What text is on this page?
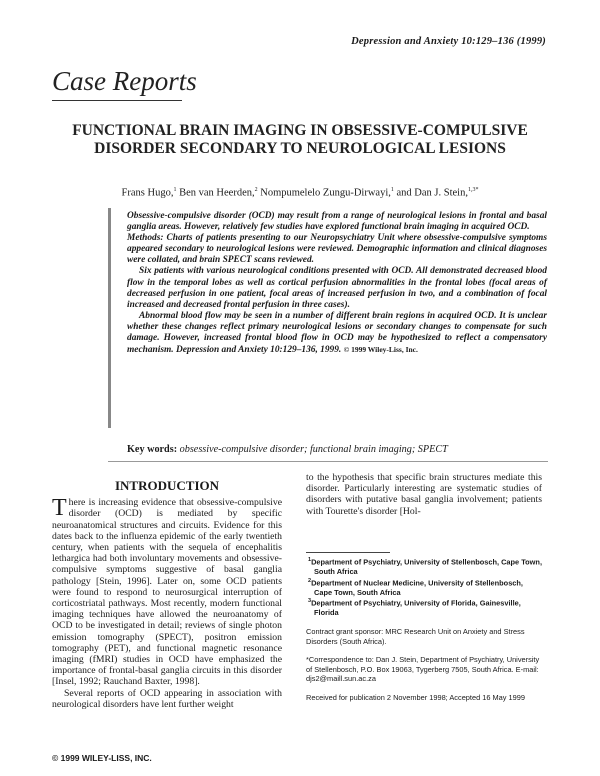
Depression and Anxiety 10:129–136 (1999)
Case Reports
FUNCTIONAL BRAIN IMAGING IN OBSESSIVE-COMPULSIVE DISORDER SECONDARY TO NEUROLOGICAL LESIONS
Frans Hugo,$^1$ Ben van Heerden,$^2$ Nompumelelo Zungu-Dirwayi,$^1$ and Dan J. Stein,$^{1,3*}$

Obsessive-compulsive disorder (OCD) may result from a range of neurological lesions in frontal and basal ganglia areas. However, relatively few studies have explored functional brain imaging in acquired OCD.

Methods: Charts of patients presenting to our Neuropsychiatry Unit where obsessive-compulsive symptoms appeared secondary to neurological lesions were reviewed. Demographic information and clinical diagnoses were collated, and brain SPECT scans reviewed.

Six patients with various neurological conditions presented with OCD. All demonstrated decreased blood flow in the temporal lobes as well as cortical perfusion abnormalities in the frontal lobes (focal areas of decreased perfusion in one patient, focal areas of increased perfusion in two, and a combination of focal increased and decreased frontal perfusion in three cases).

Abnormal blood flow may be seen in a number of different brain regions in acquired OCD. It is unclear whether these changes reflect primary neurological lesions or secondary changes to compensate for such damage. However, increased frontal blood flow in OCD may be hypothesized to reflect a compensatory mechanism. Depression and Anxiety 10:129–136, 1999. © 1999 Wiley-Liss, Inc.

Key words: obsessive-compulsive disorder; functional brain imaging; SPECT
INTRODUCTION

There is increasing evidence that obsessive-compulsive disorder (OCD) is mediated by specific neuroanatomical structures and circuits. Evidence for this dates back to the influenza epidemic of the early twentieth century, when patients with the sequela of encephalitis lethargica had both involuntary movements and obsessive-compulsive symptoms suggestive of basal ganglia pathology [Stein, 1996]. Later on, some OCD patients were found to respond to neurosurgical interruption of corticostriatal pathways. Most recently, modern functional imaging techniques have allowed the neuroanatomy of OCD to be investigated in detail; reviews of single photon emission tomography (SPECT), positron emission tomography (PET), and functional magnetic resonance imaging (fMRI) studies in OCD have emphasized the importance of frontal-basal ganglia circuits in this disorder [Insel, 1992; Rauchand Baxter, 1998].

Several reports of OCD appearing in association with neurological disorders have lent further weight

to the hypothesis that specific brain structures mediate this disorder. Particularly interesting are systematic studies of disorders with putative basal ganglia involvement; patients with Tourette's disorder [Hol-

$^1$Department of Psychiatry, University of Stellenbosch, Cape Town, South Africa

$^2$Department of Nuclear Medicine, University of Stellenbosch, Cape Town, South Africa

$^3$Department of Psychiatry, University of Florida, Gainesville, Florida

Contract grant sponsor: MRC Research Unit on Anxiety and Stress Disorders (South Africa).

*Correspondence to: Dan J. Stein, Department of Psychiatry, University of Stellenbosch, P.O. Box 19063, Tygerberg 7505, South Africa. E-mail: djs2@maill.sun.ac.za

Received for publication 2 November 1998; Accepted 16 May 1999

© 1999 WILEY-LISS, INC.
